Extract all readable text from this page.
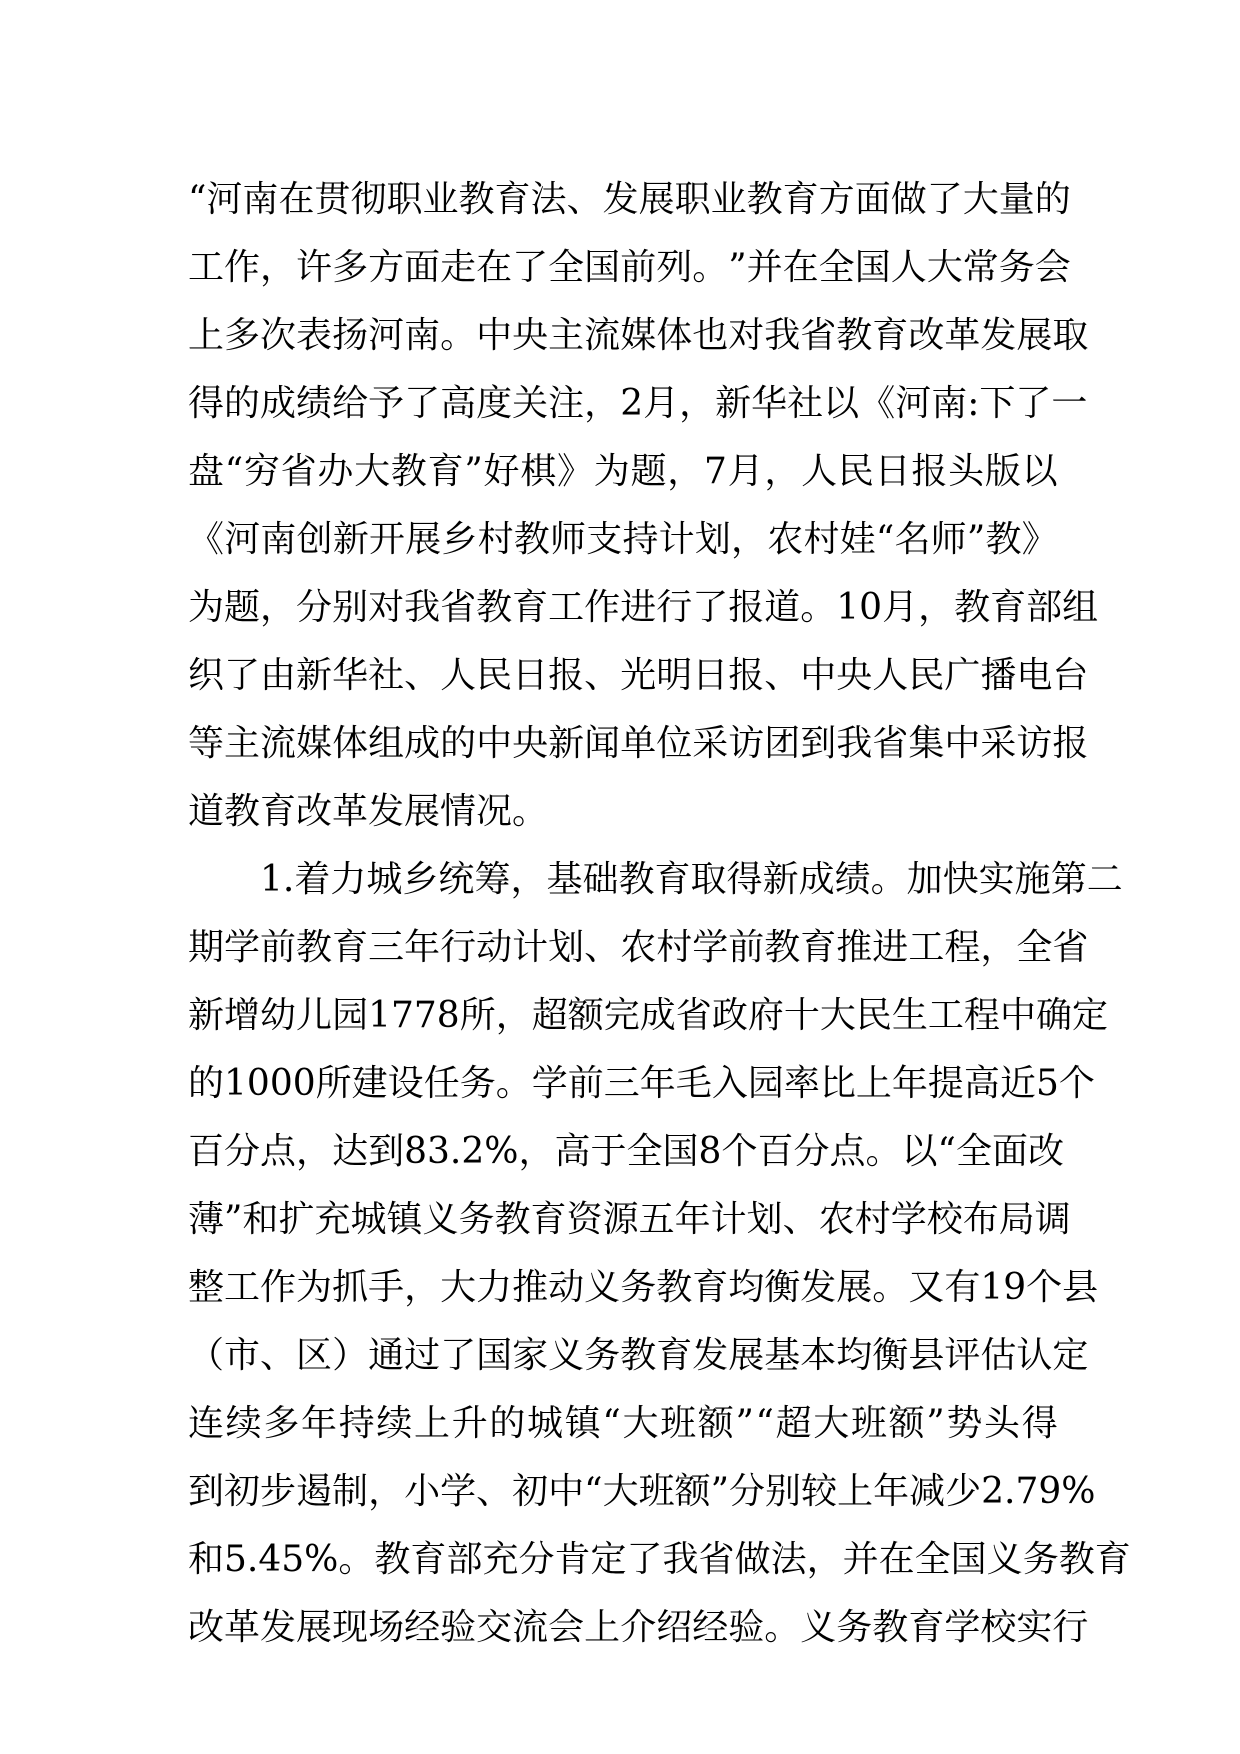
“ 河 南 在 贯 彻 职 业 教 育 法 、 发 展 职 业 教 育 方 面 做 了 大 量 的
工 作 ， 许 多 方 面 走 在 了 全 国 前 列 。 ” 并 在 全 国 人 大 常 务 会
上 多 次 表 扬 河 南 。 中 央 主 流 媒 体 也 对 我 省 教 育 改 革 发 展 取
得 的 成 绩 给 予 了 高 度 关 注 ， 2 月 ， 新 华 社 以 《 河 南 : 下 了 一
盘 “ 穷 省 办 大 教 育 ” 好 棋 》 为 题 ， 7 月 ， 人 民 日 报 头 版 以
《 河 南 创 新 开 展 乡 村 教 师 支 持 计 划 ， 农 村 娃 “ 名 师 ” 教 》
为 题 ， 分 别 对 我 省 教 育 工 作 进 行 了 报 道 。 10 月 ， 教 育 部 组
织 了 由 新 华 社 、 人 民 日 报 、 光 明 日 报 、 中 央 人 民 广 播 电 台
等 主 流 媒 体 组 成 的 中 央 新 闻 单 位 采 访 团 到 我 省 集 中 采 访 报
道教育改革发展情况。
1. 着 力 城 乡 统 筹 ， 基 础 教 育 取 得 新 成 绩 。 加 快 实 施 第 二
期 学 前 教 育 三 年 行 动 计 划 、 农 村 学 前 教 育 推 进 工 程 ， 全 省
新 增 幼 儿 园 1778 所 ， 超 额 完 成 省 政 府 十 大 民 生 工 程 中 确 定
的 1000 所 建 设 任 务 。 学 前 三 年 毛 入 园 率 比 上 年 提 高 近 5 个
百 分 点 ， 达 到 83.2% ， 高 于 全 国 8 个 百 分 点 。 以 “ 全 面 改
薄 ” 和 扩 充 城 镇 义 务 教 育 资 源 五 年 计 划 、 农 村 学 校 布 局 调
整 工 作 为 抓 手 ， 大 力 推 动 义 务 教 育 均 衡 发 展 。 又 有 19 个 县
（ 市 、 区 ） 通 过 了 国 家 义 务 教 育 发 展 基 本 均 衡 县 评 估 认 定
连 续 多 年 持 续 上 升 的 城 镇 “ 大 班 额 ” “ 超 大 班 额 ” 势 头 得
到 初 步 遏 制 ， 小 学 、 初 中 “ 大 班 额 ” 分 别 较 上 年 减 少 2.79%
和 5.45% 。 教 育 部 充 分 肯 定 了 我 省 做 法 ， 并 在 全 国 义 务 教 育
改 革 发 展 现 场 经 验 交 流 会 上 介 绍 经 验 。 义 务 教 育 学 校 实 行
